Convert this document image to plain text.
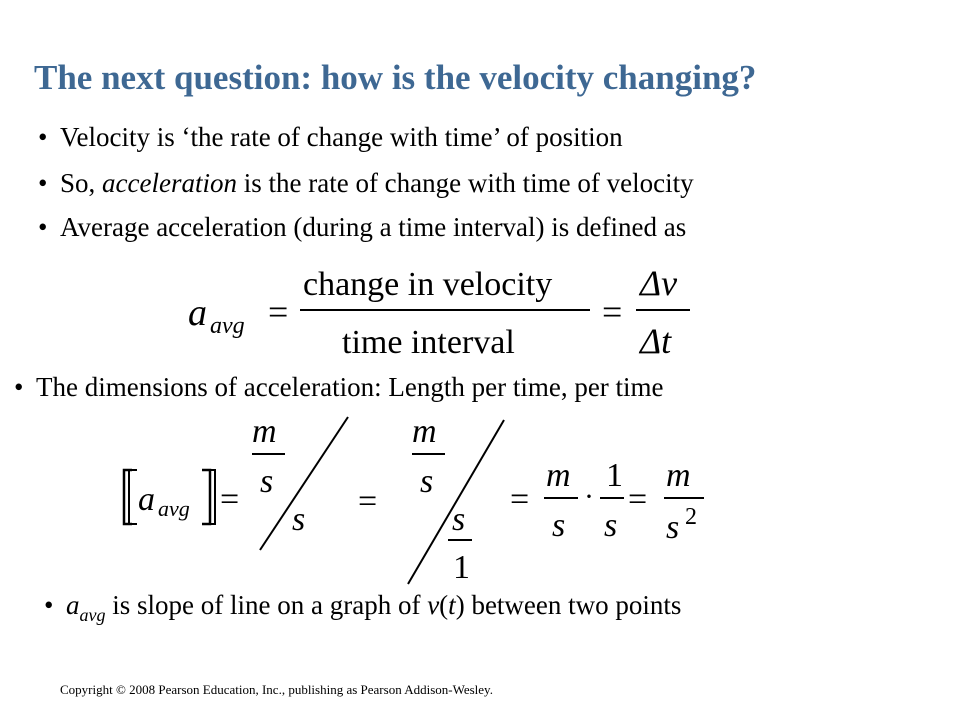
The next question: how is the velocity changing?
• Velocity is ‘the rate of change with time’ of position
• So, acceleration is the rate of change with time of velocity
• Average acceleration (during a time interval) is defined as
a avg =
change in velocity
time interval
=
Δv
Δt
• The dimensions of acceleration: Length per time, per time
a avg =
m
s
s =
m
s
s
1
=
m
s
·
1
s
=
m
s 2
• $a_{avg}$ is slope of line on a graph of v(t) between two points
Copyright © 2008 Pearson Education, Inc., publishing as Pearson Addison-Wesley.
